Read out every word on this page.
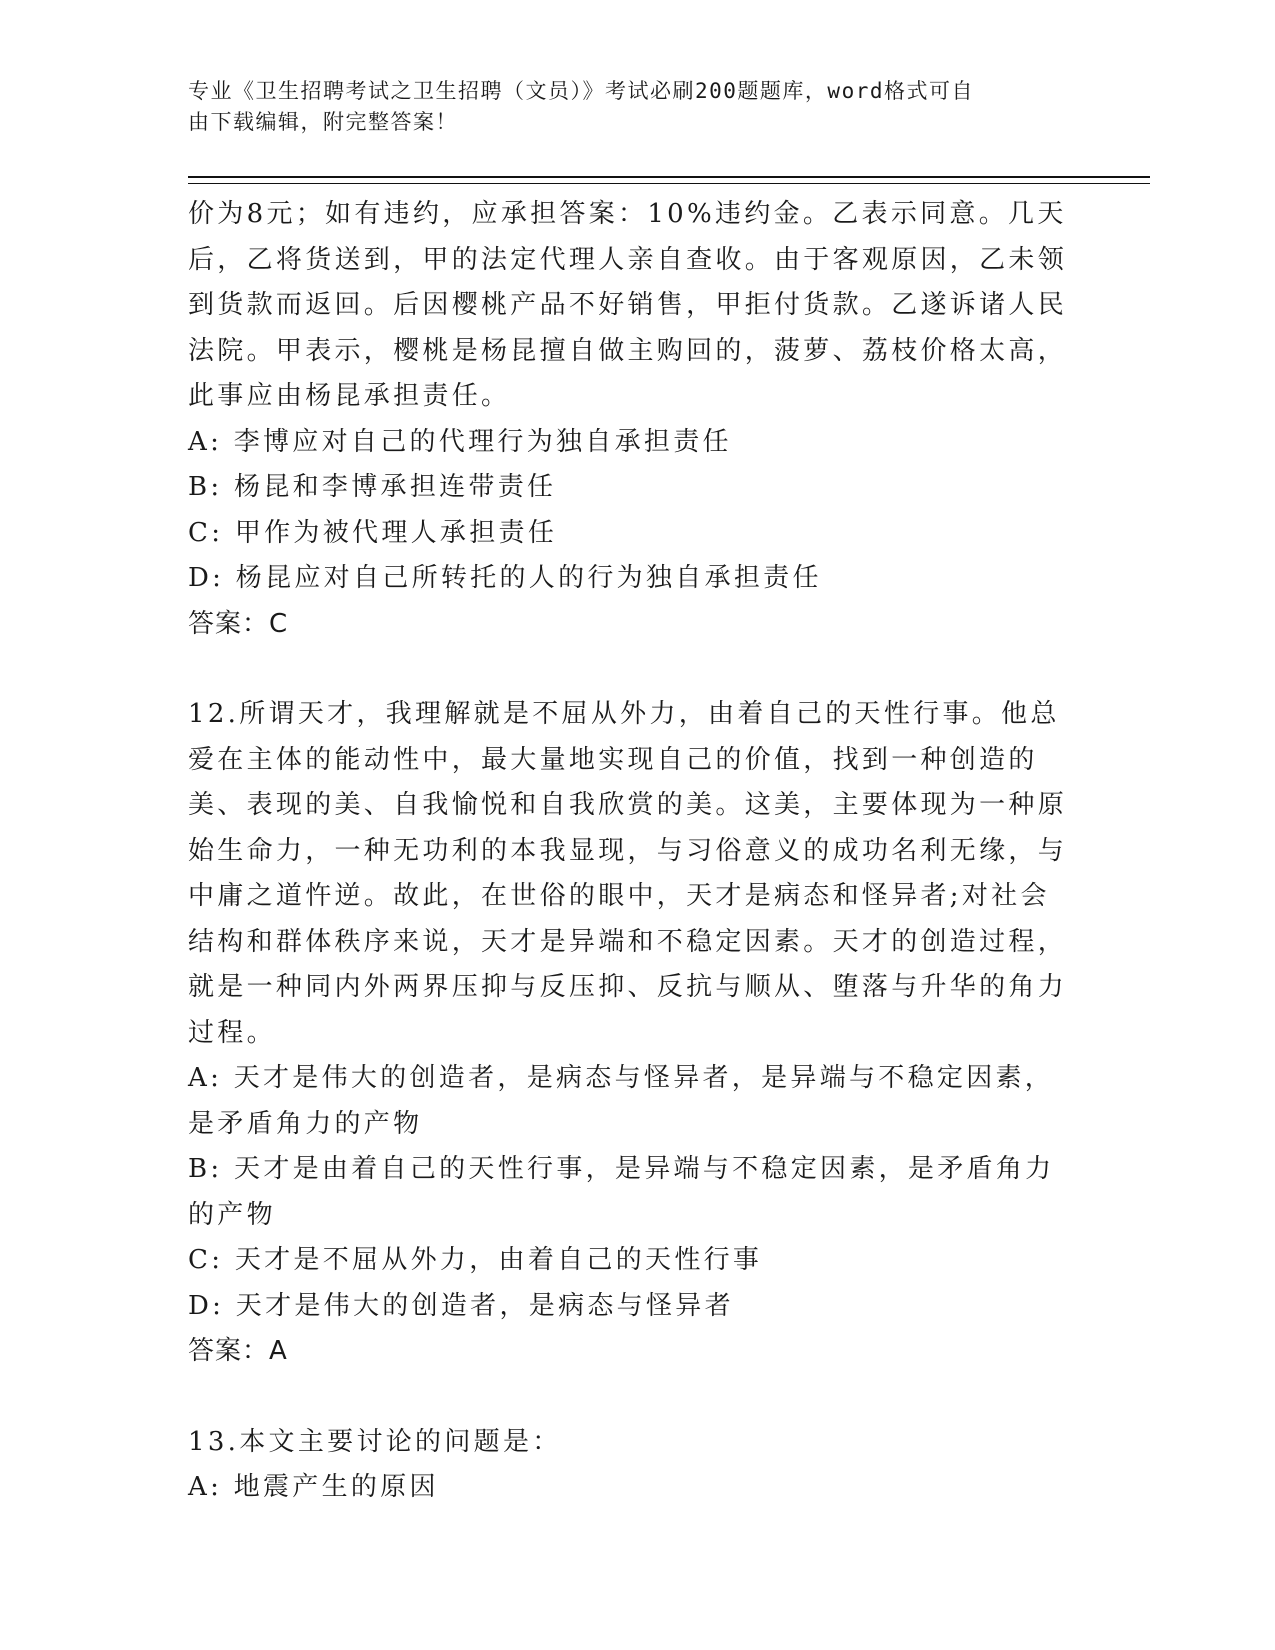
专业《卫生招聘考试之卫生招聘（文员）》考试必刷200题题库，word格式可自
由下载编辑，附完整答案！

价为8元；如有违约，应承担答案：10%违约金。乙表示同意。几天后，乙将货送到，甲的法定代理人亲自查收。由于客观原因，乙未领到货款而返回。后因樱桃产品不好销售，甲拒付货款。乙遂诉诸人民法院。甲表示，樱桃是杨昆擅自做主购回的，菠萝、荔枝价格太高，此事应由杨昆承担责任。

A: 李博应对自己的代理行为独自承担责任

B: 杨昆和李博承担连带责任

C: 甲作为被代理人承担责任

D: 杨昆应对自己所转托的人的行为独自承担责任

答案：C

12.所谓天才，我理解就是不屈从外力，由着自己的天性行事。他总爱在主体的能动性中，最大量地实现自己的价值，找到一种创造的美、表现的美、自我愉悦和自我欣赏的美。这美，主要体现为一种原始生命力，一种无功利的本我显现，与习俗意义的成功名利无缘，与中庸之道忤逆。故此，在世俗的眼中，天才是病态和怪异者;对社会结构和群体秩序来说，天才是异端和不稳定因素。天才的创造过程，就是一种同内外两界压抑与反压抑、反抗与顺从、堕落与升华的角力过程。

A: 天才是伟大的创造者，是病态与怪异者，是异端与不稳定因素，是矛盾角力的产物

B: 天才是由着自己的天性行事，是异端与不稳定因素，是矛盾角力的产物

C: 天才是不屈从外力，由着自己的天性行事

D: 天才是伟大的创造者，是病态与怪异者

答案：A

13.本文主要讨论的问题是：

A: 地震产生的原因
